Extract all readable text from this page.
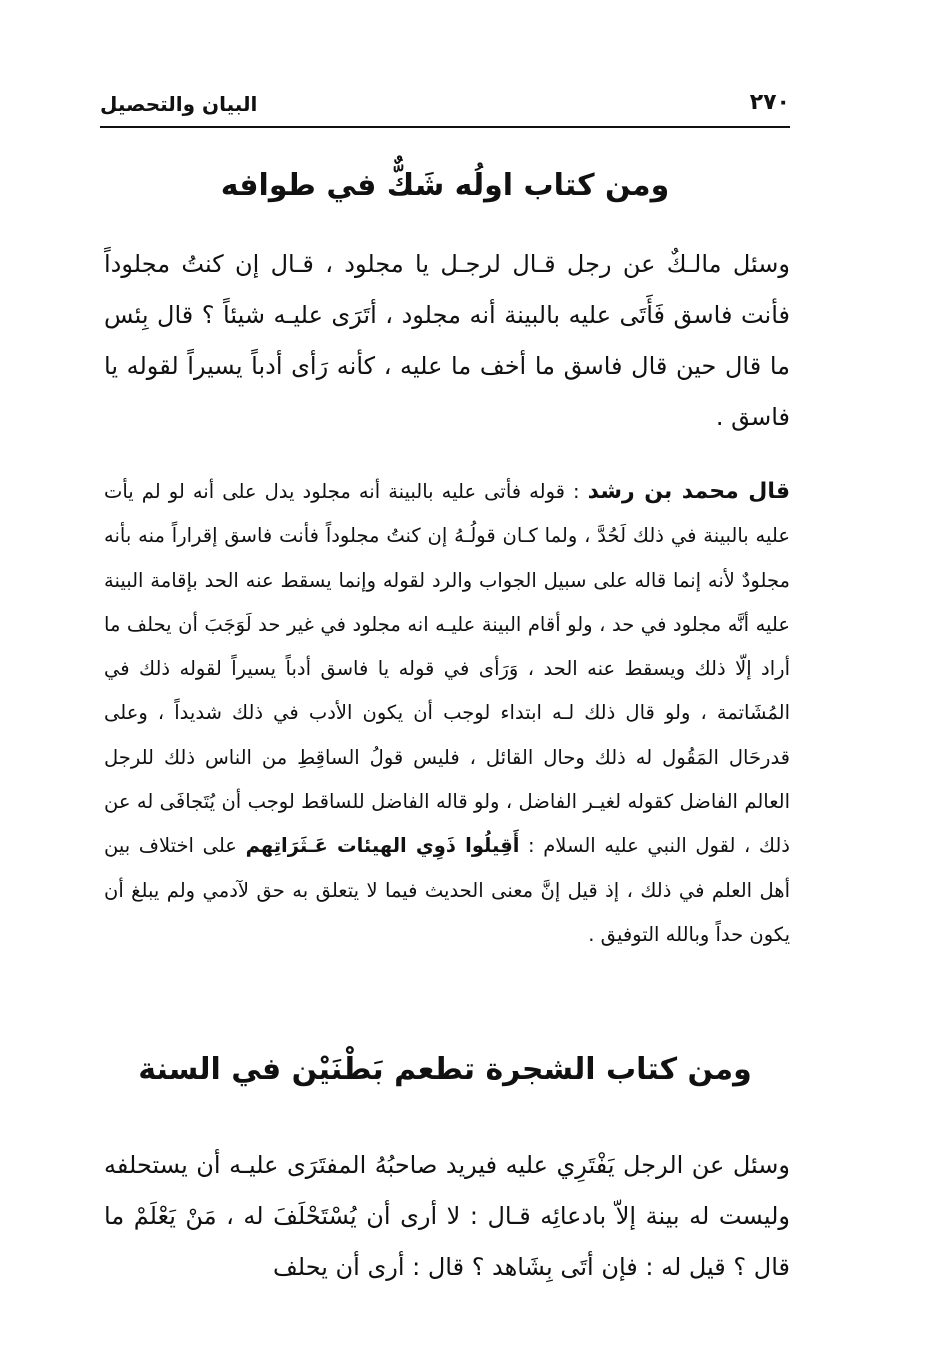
٢٧٠
البيان والتحصيل
ومن كتاب اولُه شَكٌّ في طوافه

وسئل مالـكٌ عن رجل قـال لرجـل يا مجلود ، قـال إن كنتُ مجلوداً فأنت فاسق فَأَتَى عليه بالبينة أنه مجلود ، أتَرَى عليـه شيئاً ؟ قال بِئس ما قال حين قال فاسق ما أخف ما عليه ، كأنه رَأى أدباً يسيراً لقوله يا فاسق .

قال محمد بن رشد : قوله فأتى عليه بالبينة أنه مجلود يدل على أنه لو لم يأت عليه بالبينة في ذلك لَحُدَّ ، ولما كـان قولُـهُ إن كنتُ مجلوداً فأنت فاسق إقراراً منه بأنه مجلودٌ لأنه إنما قاله على سبيل الجواب والرد لقوله وإنما يسقط عنه الحد بإقامة البينة عليه أنَّه مجلود في حد ، ولو أقام البينة عليـه انه مجلود في غير حد لَوَجَبَ أن يحلف ما أراد إلّا ذلك ويسقط عنه الحد ، وَرَأى في قوله يا فاسق أدباً يسيراً لقوله ذلك في المُشَاتمة ، ولو قال ذلك لـه ابتداء لوجب أن يكون الأدب في ذلك شديداً ، وعلى قدرحَال المَقُول له ذلك وحال القائل ، فليس قولُ الساقِطِ من الناس ذلك للرجل العالم الفاضل كقوله لغيـر الفاضل ، ولو قاله الفاضل للساقط لوجب أن يُتَجافَى له عن ذلك ، لقول النبي عليه السلام : أَقِيلُوا ذَوِي الهيئات عَـثَرَاتِهم على اختلاف بين أهل العلم في ذلك ، إذ قيل إنَّ معنى الحديث فيما لا يتعلق به حق لآدمي ولم يبلغ أن يكون حداً وبالله التوفيق .

ومن كتاب الشجرة تطعم بَطْنَيْن في السنة

وسئل عن الرجل يَفْتَرِي عليه فيريد صاحبُهُ المفتَرَى عليـه أن يستحلفه وليست له بينة إلاّ بادعائِه قـال : لا أرى أن يُسْتَحْلَفَ له ، مَنْ يَعْلَمْ ما قال ؟ قيل له : فإن أتَى بِشَاهد ؟ قال : أرى أن يحلف
